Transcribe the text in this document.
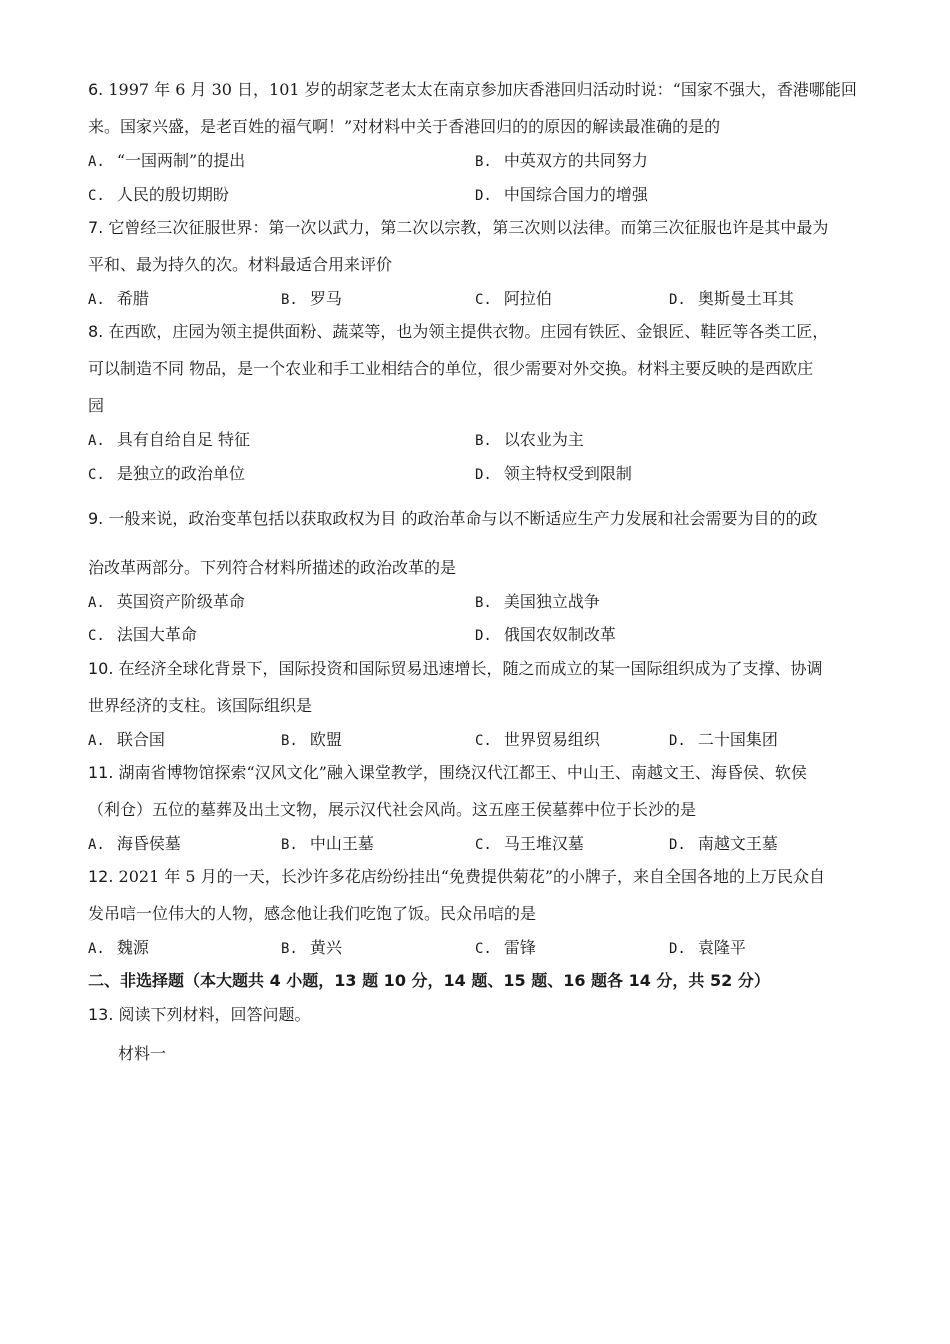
6. 1997 年 6 月 30 日，101 岁的胡家芝老太太在南京参加庆香港回归活动时说：“国家不强大，香港哪能回
来。国家兴盛，是老百姓的福气啊！”对材料中关于香港回归的的原因的解读最准确的是的
A. “一国两制”的提出	B. 中英双方的共同努力
C. 人民的殷切期盼	D. 中国综合国力的增强
7. 它曾经三次征服世界：第一次以武力，第二次以宗教，第三次则以法律。而第三次征服也许是其中最为
平和、最为持久的次。材料最适合用来评价
A. 希腊	B. 罗马	C. 阿拉伯	D. 奥斯曼土耳其
8. 在西欧，庄园为领主提供面粉、蔬菜等，也为领主提供衣物。庄园有铁匠、金银匠、鞋匠等各类工匠，
可以制造不同 物品，是一个农业和手工业相结合的单位，很少需要对外交换。材料主要反映的是西欧庄
园
A. 具有自给自足 特征	B. 以农业为主
C. 是独立的政治单位	D. 领主特权受到限制
9. 一般来说，政治变革包括以获取政权为目 的政治革命与以不断适应生产力发展和社会需要为目的的政
治改革两部分。下列符合材料所描述的政治改革的是
A. 英国资产阶级革命	B. 美国独立战争
C. 法国大革命	D. 俄国农奴制改革
10. 在经济全球化背景下，国际投资和国际贸易迅速增长，随之而成立的某一国际组织成为了支撑、协调
世界经济的支柱。该国际组织是
A. 联合国	B. 欧盟	C. 世界贸易组织	D. 二十国集团
11. 湖南省博物馆探索“汉风文化”融入课堂教学，围绕汉代江都王、中山王、南越文王、海昏侯、软侯
（利仓）五位的墓葬及出土文物，展示汉代社会风尚。这五座王侯墓葬中位于长沙的是
A. 海昏侯墓	B. 中山王墓	C. 马王堆汉墓	D. 南越文王墓
12. 2021 年 5 月的一天，长沙许多花店纷纷挂出“免费提供菊花”的小牌子，来自全国各地的上万民众自
发吊唁一位伟大的人物，感念他让我们吃饱了饭。民众吊唁的是
A. 魏源	B. 黄兴	C. 雷锋	D. 袁隆平
二、非选择题（本大题共 4 小题，13 题 10 分，14 题、15 题、16 题各 14 分，共 52 分）
13. 阅读下列材料，回答问题。
材料一
